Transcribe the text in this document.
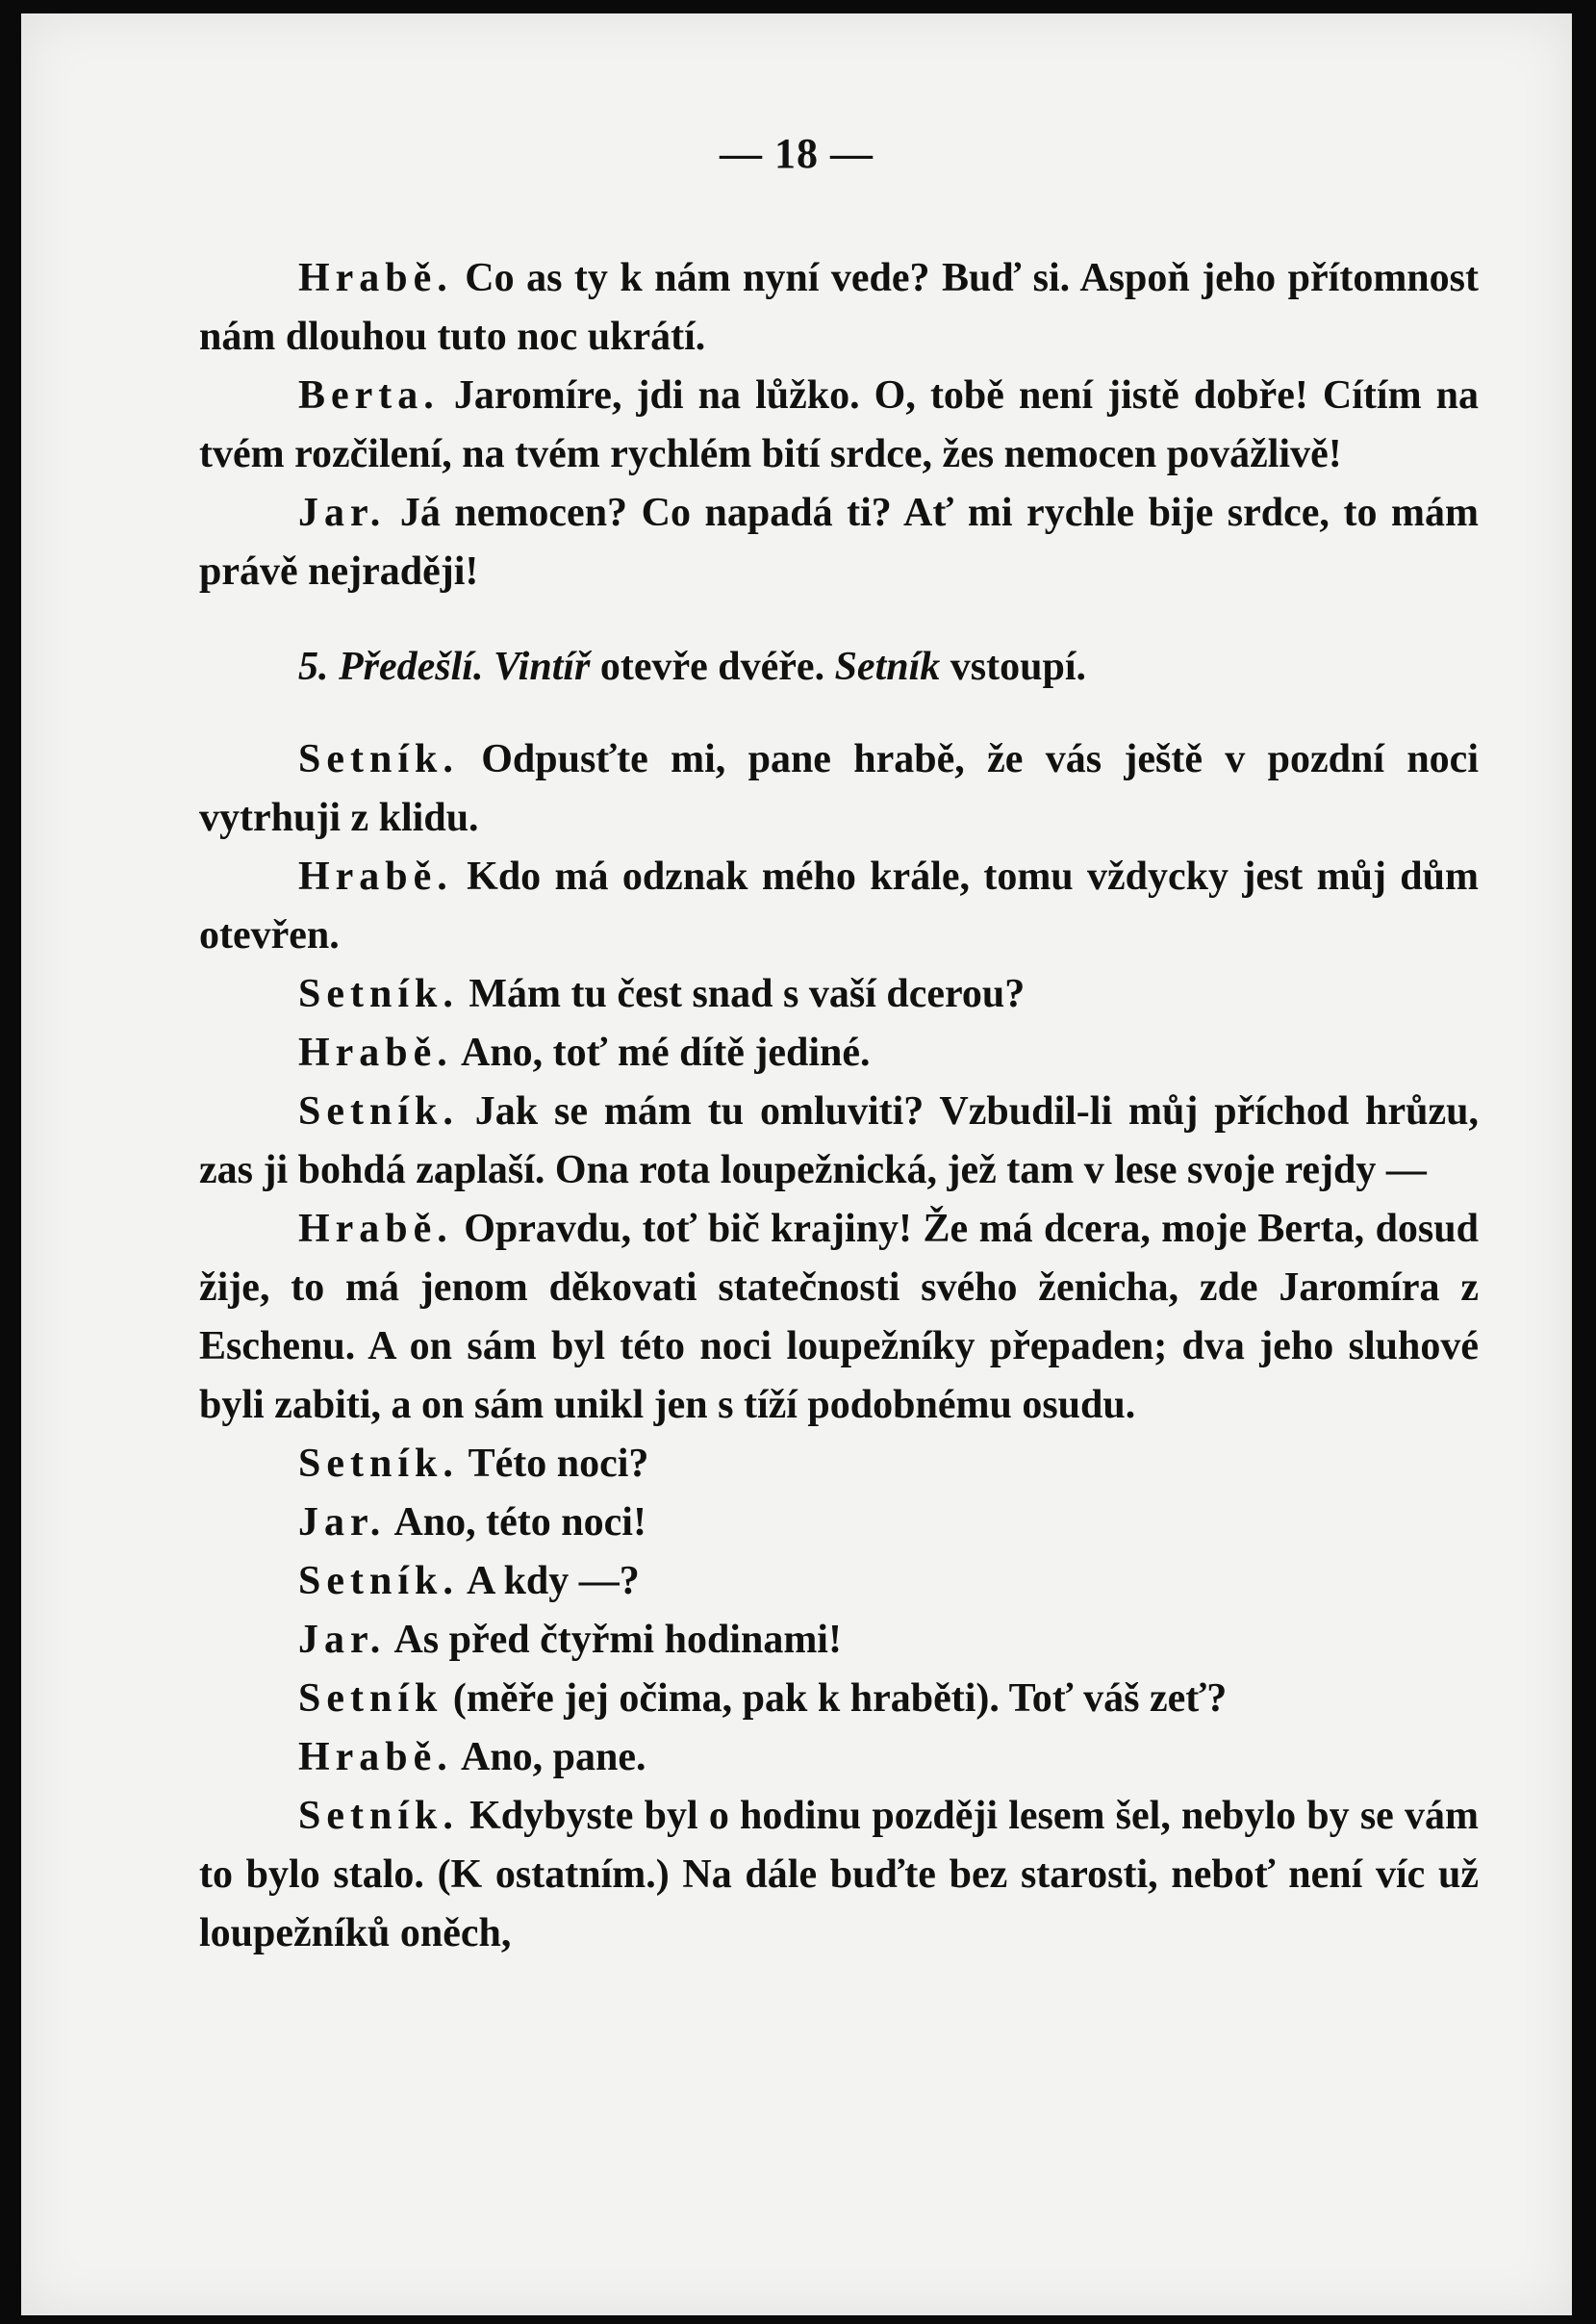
— 18 —

Hrabě. Co as ty k nám nyní vede? Buď si. Aspoň jeho přítomnost nám dlouhou tuto noc ukrátí.

Berta. Jaromíre, jdi na lůžko. O, tobě není jistě dobře! Cítím na tvém rozčilení, na tvém rychlém bití srdce, žes nemocen povážlivě!

Jar. Já nemocen? Co napadá ti? Ať mi rychle bije srdce, to mám právě nejraději!

5. Předešlí. Vintíř otevře dvéře. Setník vstoupí.

Setník. Odpusťte mi, pane hrabě, že vás ještě v pozdní noci vytrhuji z klidu.

Hrabě. Kdo má odznak mého krále, tomu vždycky jest můj dům otevřen.

Setník. Mám tu čest snad s vaší dcerou?

Hrabě. Ano, toť mé dítě jediné.

Setník. Jak se mám tu omluviti? Vzbudil-li můj příchod hrůzu, zas ji bohdá zaplaší. Ona rota loupežnická, jež tam v lese svoje rejdy —

Hrabě. Opravdu, toť bič krajiny! Že má dcera, moje Berta, dosud žije, to má jenom děkovati statečnosti svého ženicha, zde Jaromíra z Eschenu. A on sám byl této noci loupežníky přepaden; dva jeho sluhové byli zabiti, a on sám unikl jen s tíží podobnému osudu.

Setník. Této noci?

Jar. Ano, této noci!

Setník. A kdy —?

Jar. As před čtyřmi hodinami!

Setník (měře jej očima, pak k hraběti). Toť váš zeť?

Hrabě. Ano, pane.

Setník. Kdybyste byl o hodinu později lesem šel, nebylo by se vám to bylo stalo. (K ostatním.) Na dále buďte bez starosti, neboť není víc už loupežníků oněch,
